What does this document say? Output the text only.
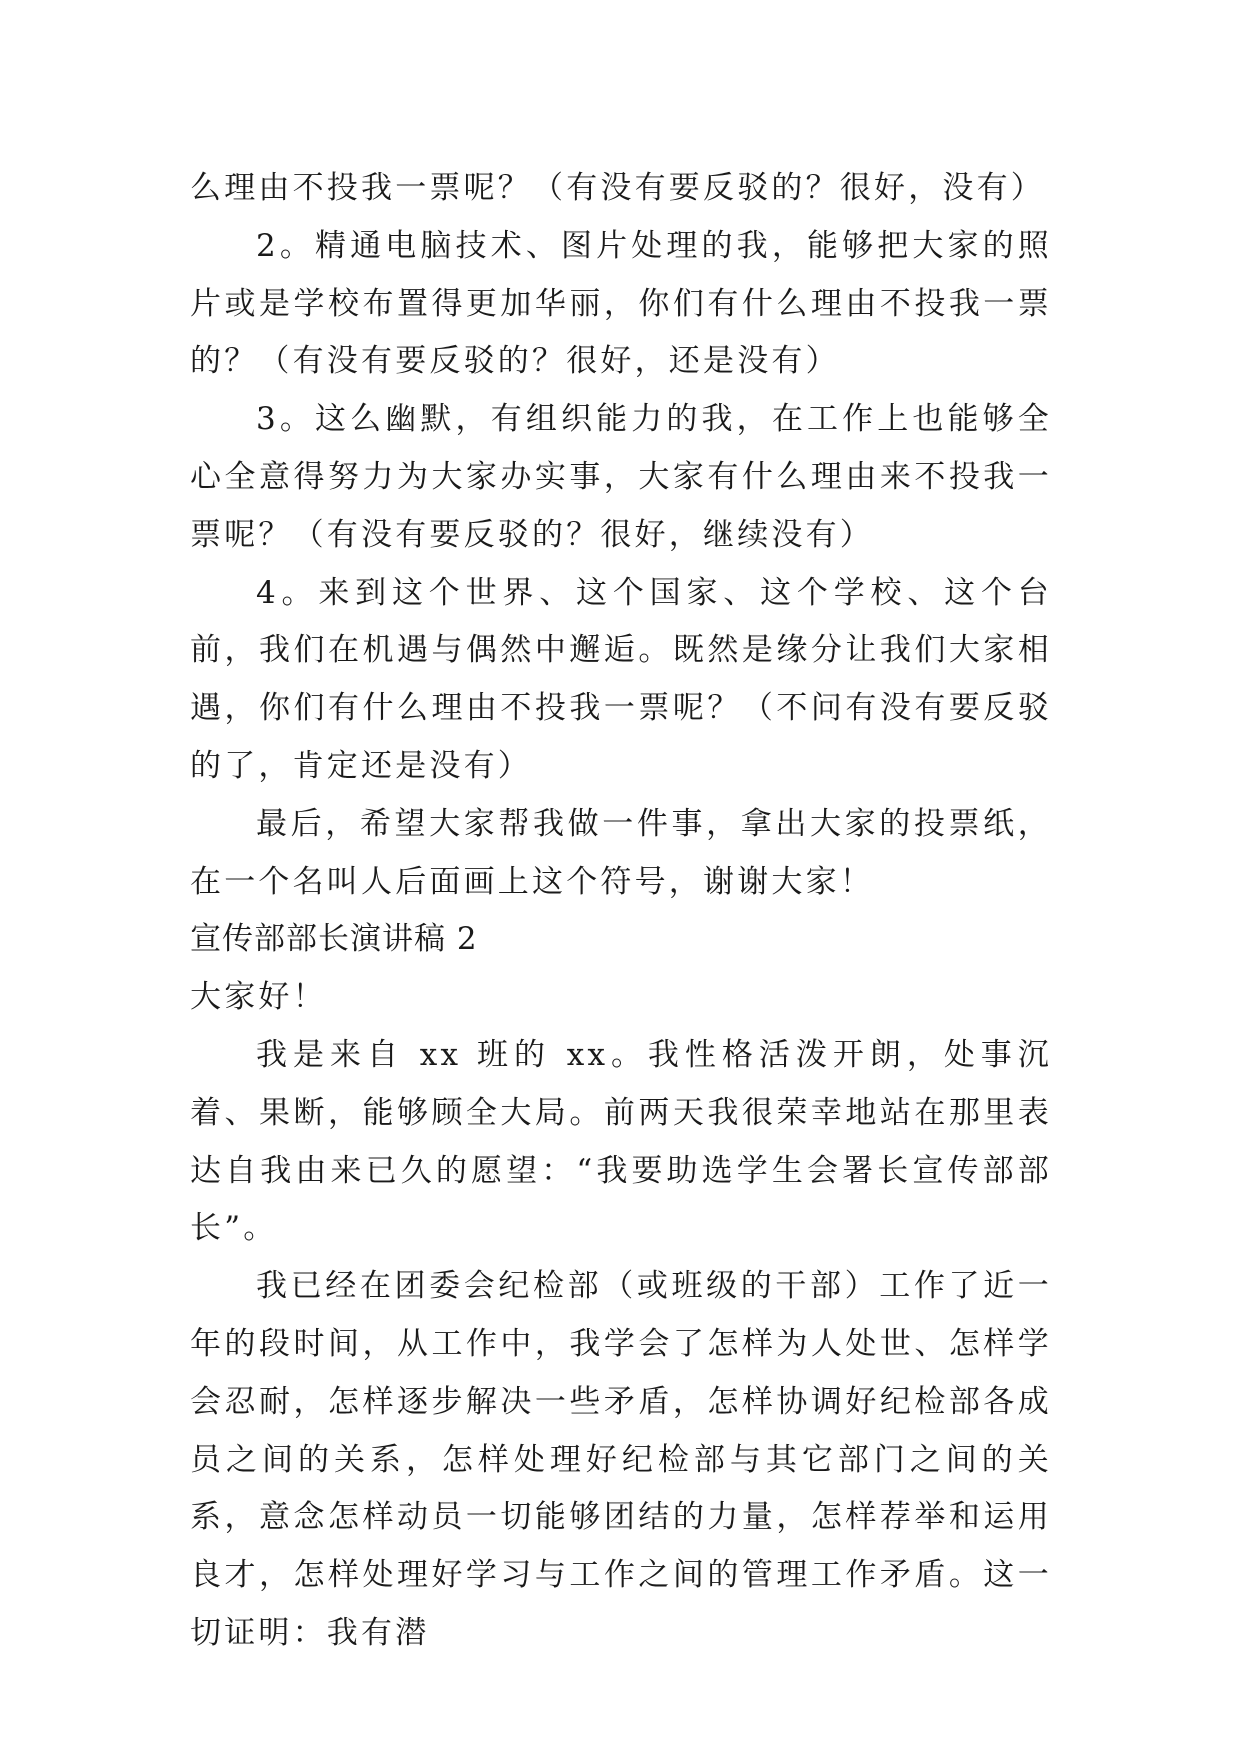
么理由不投我一票呢？（有没有要反驳的？很好，没有）

2。精通电脑技术、图片处理的我，能够把大家的照片或是学校布置得更加华丽，你们有什么理由不投我一票的？（有没有要反驳的？很好，还是没有）

3。这么幽默，有组织能力的我，在工作上也能够全心全意得努力为大家办实事，大家有什么理由来不投我一票呢？（有没有要反驳的？很好，继续没有）

4。来到这个世界、这个国家、这个学校、这个台前，我们在机遇与偶然中邂逅。既然是缘分让我们大家相遇，你们有什么理由不投我一票呢？（不问有没有要反驳的了，肯定还是没有）

最后，希望大家帮我做一件事，拿出大家的投票纸，在一个名叫人后面画上这个符号，谢谢大家！

宣传部部长演讲稿 2

大家好！

我是来自 xx 班的 xx。我性格活泼开朗，处事沉着、果断，能够顾全大局。前两天我很荣幸地站在那里表达自我由来已久的愿望：“我要助选学生会署长宣传部部长”。

我已经在团委会纪检部（或班级的干部）工作了近一年的段时间，从工作中，我学会了怎样为人处世、怎样学会忍耐，怎样逐步解决一些矛盾，怎样协调好纪检部各成员之间的关系，怎样处理好纪检部与其它部门之间的关系，意念怎样动员一切能够团结的力量，怎样荐举和运用良才，怎样处理好学习与工作之间的管理工作矛盾。这一切证明：我有潜
